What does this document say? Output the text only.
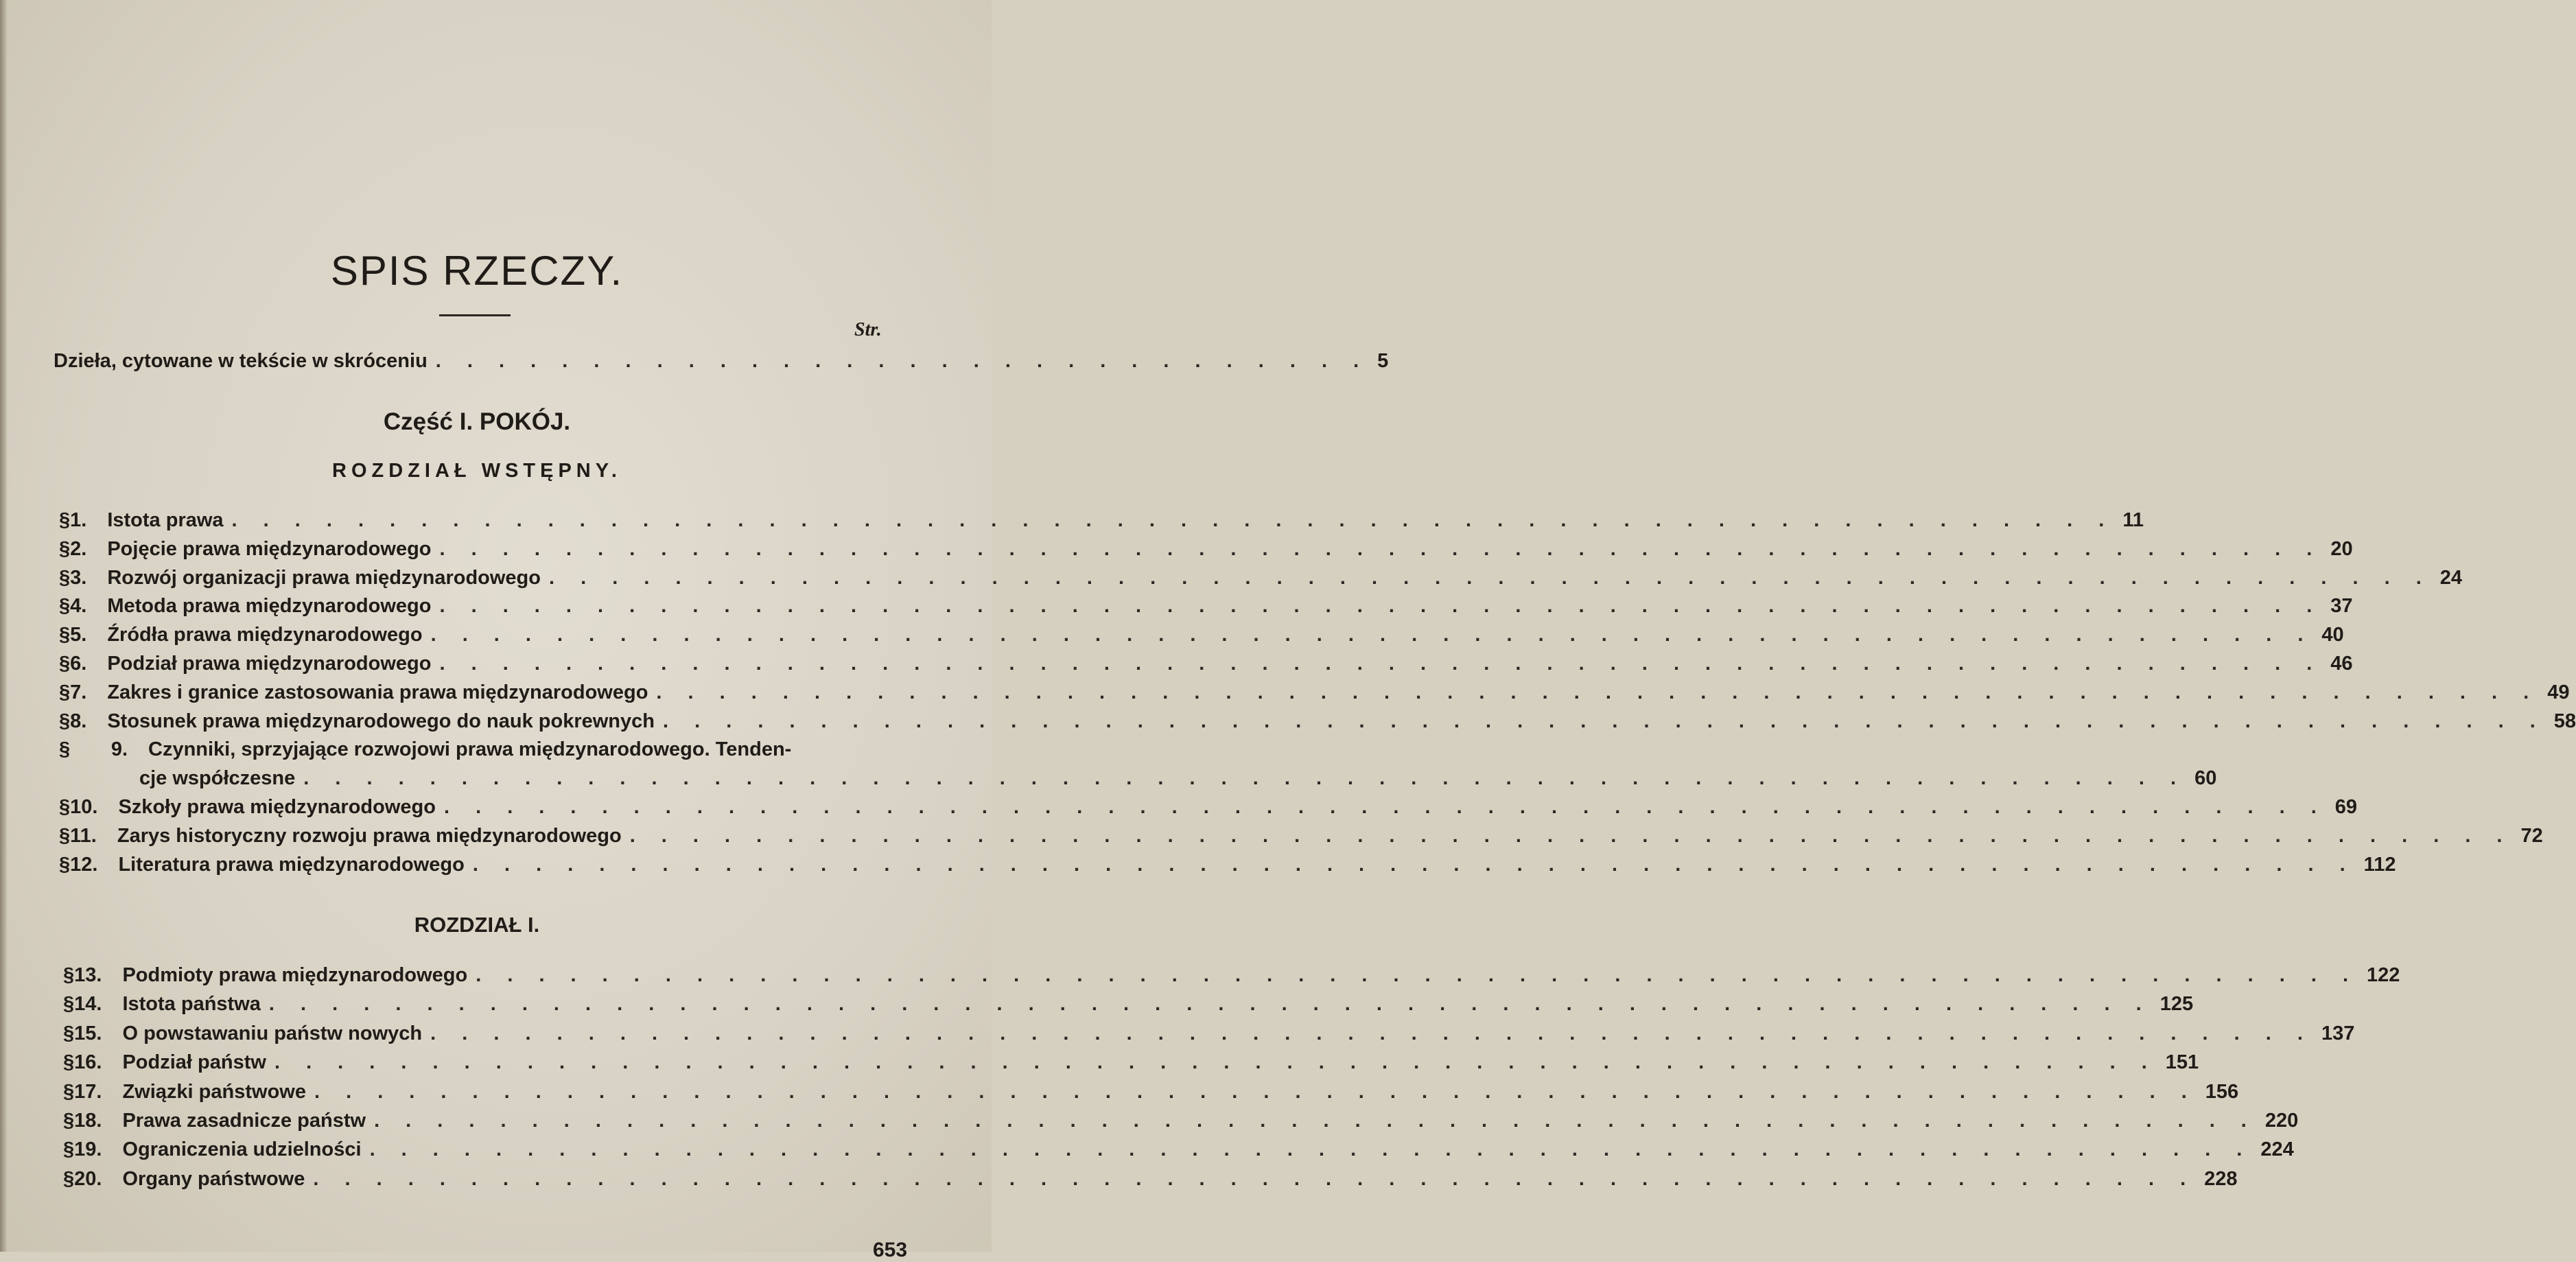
SPIS RZECZY.
Str.
Dzieła, cytowane w tekście w skróceniu . . . . . . . . . . . . . . . . . . . . . . . . . . . . . . 5
Część I. POKÓJ.
ROZDZIAŁ WSTĘPNY.
§ 1. Istota prawa . . . . . . . . . . . . . . . . . . . . . . . . . . . . . . . . . . . . . . . . . . . . . . . . . . . . . . . . . . . . 11
§ 2. Pojęcie prawa międzynarodowego . . . . . . . . . . . . . . . . . . . . . . . . . . . . . . . . . . . . . . . . . . . . . . . . . . . . . . . . . . . . 20
§ 3. Rozwój organizacji prawa międzynarodowego . . . . . . . . . . . . . . . . . . . . . . . . . . . . . . . . . . . . . . . . . . . . . . . . . . . . . . . . . . . . 24
§ 4. Metoda prawa międzynarodowego . . . . . . . . . . . . . . . . . . . . . . . . . . . . . . . . . . . . . . . . . . . . . . . . . . . . . . . . . . . . 37
§ 5. Źródła prawa międzynarodowego . . . . . . . . . . . . . . . . . . . . . . . . . . . . . . . . . . . . . . . . . . . . . . . . . . . . . . . . . . . . 40
§ 6. Podział prawa międzynarodowego . . . . . . . . . . . . . . . . . . . . . . . . . . . . . . . . . . . . . . . . . . . . . . . . . . . . . . . . . . . . 46
§ 7. Zakres i granice zastosowania prawa międzynarodowego . . . . . . . . . . . . . . . . . . . . . . . . . . . . . . . . . . . . . . . . . . . . . . . . . . . . . . . . . . . . 49
§ 8. Stosunek prawa międzynarodowego do nauk pokrewnych . . . . . . . . . . . . . . . . . . . . . . . . . . . . . . . . . . . . . . . . . . . . . . . . . . . . . . . . . . . . 58
§	9. Czynniki, sprzyjające rozwojowi prawa międzynarodowego. Tenden-
cje współczesne . . . . . . . . . . . . . . . . . . . . . . . . . . . . . . . . . . . . . . . . . . . . . . . . . . . . . . . . . . . . 60
§ 10. Szkoły prawa międzynarodowego . . . . . . . . . . . . . . . . . . . . . . . . . . . . . . . . . . . . . . . . . . . . . . . . . . . . . . . . . . . . 69
§ 11. Zarys historyczny rozwoju prawa międzynarodowego . . . . . . . . . . . . . . . . . . . . . . . . . . . . . . . . . . . . . . . . . . . . . . . . . . . . . . . . . . . . 72
§ 12. Literatura prawa międzynarodowego . . . . . . . . . . . . . . . . . . . . . . . . . . . . . . . . . . . . . . . . . . . . . . . . . . . . . . . . . . . . 112
ROZDZIAŁ I.
§ 13. Podmioty prawa międzynarodowego . . . . . . . . . . . . . . . . . . . . . . . . . . . . . . . . . . . . . . . . . . . . . . . . . . . . . . . . . . . . 122
§ 14. Istota państwa . . . . . . . . . . . . . . . . . . . . . . . . . . . . . . . . . . . . . . . . . . . . . . . . . . . . . . . . . . . . 125
§ 15. O powstawaniu państw nowych . . . . . . . . . . . . . . . . . . . . . . . . . . . . . . . . . . . . . . . . . . . . . . . . . . . . . . . . . . . . 137
§ 16. Podział państw . . . . . . . . . . . . . . . . . . . . . . . . . . . . . . . . . . . . . . . . . . . . . . . . . . . . . . . . . . . . 151
§ 17. Związki państwowe . . . . . . . . . . . . . . . . . . . . . . . . . . . . . . . . . . . . . . . . . . . . . . . . . . . . . . . . . . . . 156
§ 18. Prawa zasadnicze państw . . . . . . . . . . . . . . . . . . . . . . . . . . . . . . . . . . . . . . . . . . . . . . . . . . . . . . . . . . . . 220
§ 19. Ograniczenia udzielności . . . . . . . . . . . . . . . . . . . . . . . . . . . . . . . . . . . . . . . . . . . . . . . . . . . . . . . . . . . . 224
§ 20. Organy państwowe . . . . . . . . . . . . . . . . . . . . . . . . . . . . . . . . . . . . . . . . . . . . . . . . . . . . . . . . . . . . 228
653
